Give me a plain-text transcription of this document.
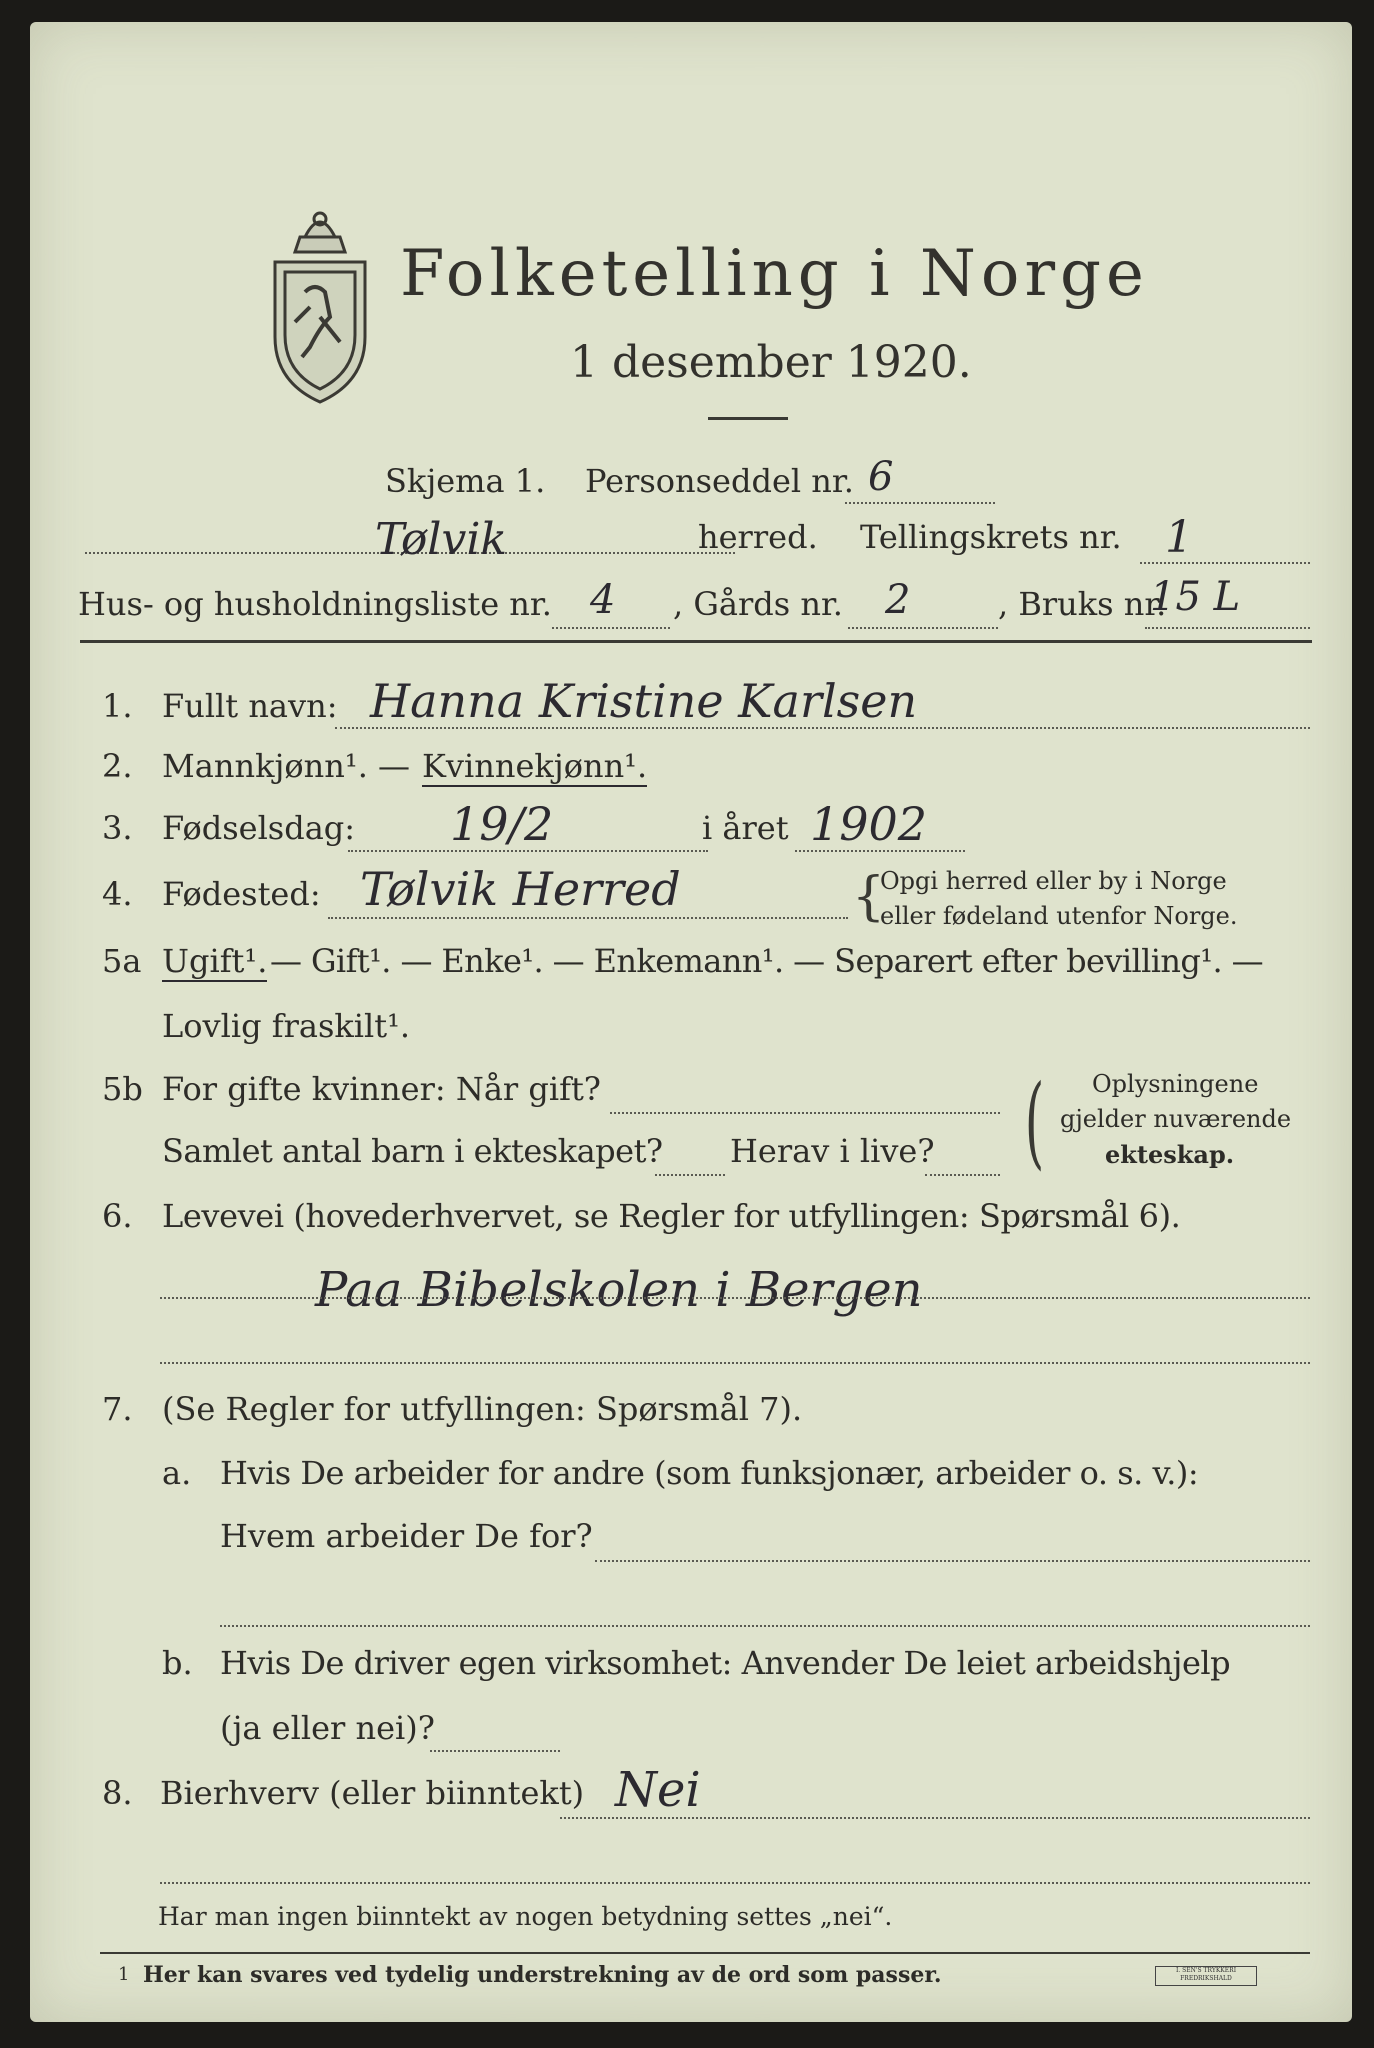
Folketelling i Norge
1 desember 1920.
Skjema 1. Personseddel nr. 6
Tølvik	herred. Tellingskrets nr. 1
Hus- og husholdningsliste nr. 4 , Gårds nr. 2	, Bruks nr.
15 L
1. Fullt navn: Hanna Kristine Karlsen
2. Mannkjønn¹. — Kvinnekjønn¹.
3. Fødselsdag: 19/2	i året 1902
4. Fødested: Tølvik Herred	{
Opgi herred eller by i Norge
eller fødeland utenfor Norge.
5a Ugift¹. — Gift¹. — Enke¹. — Enkemann¹. — Separert efter bevilling¹. —
Lovlig fraskilt¹.
5b For gifte kvinner: Når gift?
Samlet antal barn i ekteskapet? Herav i live? ( Oplysningene
gjelder nuværende
ekteskap.
6. Levevei (hovederhvervet, se Regler for utfyllingen: Spørsmål 6).
Paa Bibelskolen i Bergen
7. (Se Regler for utfyllingen: Spørsmål 7).
a. Hvis De arbeider for andre (som funksjonær, arbeider o. s. v.):
Hvem arbeider De for?
b. Hvis De driver egen virksomhet: Anvender De leiet arbeidshjelp
(ja eller nei)?
8. Bierhverv (eller biinntekt) Nei
Har man ingen biinntekt av nogen betydning settes „nei“.
1 Her kan svares ved tydelig understrekning av de ord som passer.	I. SEN'S TRYKKERI FREDRIKSHALD
